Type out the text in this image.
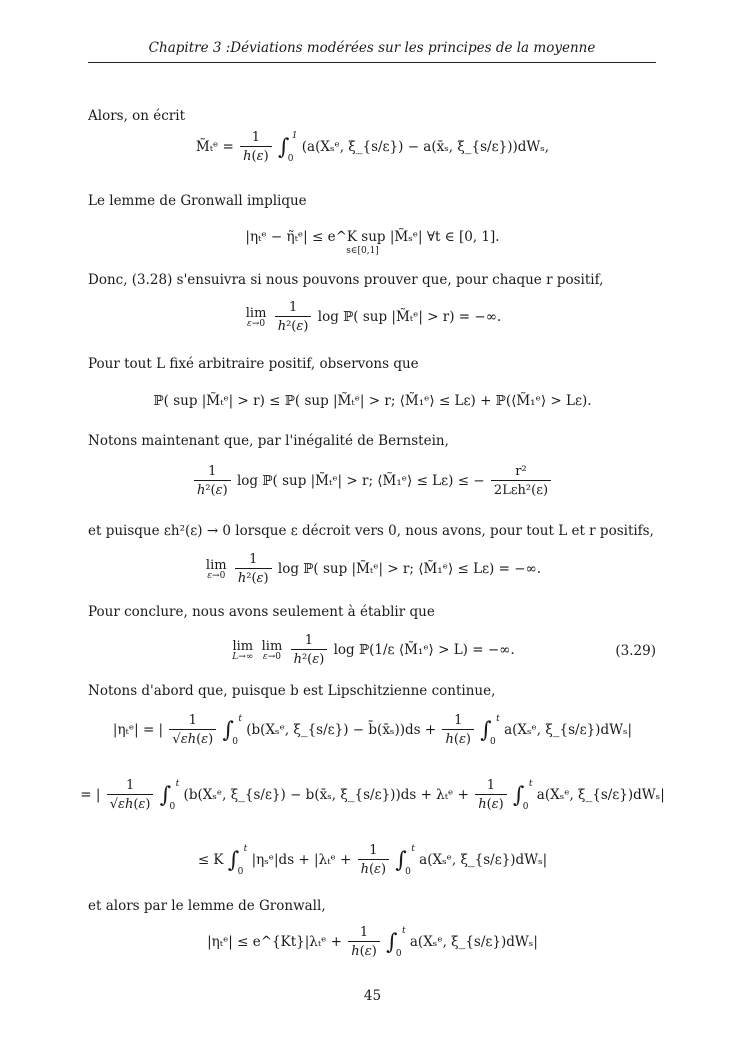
Chapitre 3 :Déviations modérées sur les principes de la moyenne
Alors, on écrit
M̃ₜᵉ = $\frac{1}{h(\varepsilon)}$ ∫ 1
0
(a(Xₛᵉ, ξ_{s/ε}) − a(x̄ₛ, ξ_{s/ε}))dWₛ,
Le lemme de Gronwall implique
|ηₜᵉ − η̃ₜᵉ| ≤ e^K sup |M̃ₛᵉ| ∀t ∈ [0, 1].
s∈[0,1]
Donc, (3.28) s'ensuivra si nous pouvons prouver que, pour chaque r positif,
lim
ε→0
$\frac{1}{\text{h²(ε)}}$ log ℙ( sup |M̃ₜᵉ| > r) = −∞.
Pour tout L fixé arbitraire positif, observons que
ℙ( sup |M̃ₜᵉ| > r) ≤ ℙ( sup |M̃ₜᵉ| > r; ⟨M̃₁ᵉ⟩ ≤ Lε) + ℙ(⟨M̃₁ᵉ⟩ > Lε).
Notons maintenant que, par l'inégalité de Bernstein,
$\frac{1}{\text{h²(ε)}}$ log ℙ( sup |M̃ₜᵉ| > r; ⟨M̃₁ᵉ⟩ ≤ Lε) ≤ − $\frac{\text{r²}}{\text{2Lεh²(ε)}}$
et puisque εh²(ε) → 0 lorsque ε décroit vers 0, nous avons, pour tout L et r positifs,
lim
ε→0
$\frac{1}{\text{h²(ε)}}$ log ℙ( sup |M̃ₜᵉ| > r; ⟨M̃₁ᵉ⟩ ≤ Lε) = −∞.
Pour conclure, nous avons seulement à établir que
lim
L→∞

lim
ε→0
$\frac{1}{\text{h²(ε)}}$ log ℙ(1/ε ⟨M̃₁ᵉ⟩ > L) = −∞.	(3.29)
Notons d'abord que, puisque b est Lipschitzienne continue,
|ηₜᵉ| = | $\frac{1}{√\varepsilon h(\varepsilon)}$ ∫ t
0
(b(Xₛᵉ, ξ_{s/ε}) − b̄(x̄ₛ))ds + $\frac{1}{h(\varepsilon)}$ ∫ t
0
a(Xₛᵉ, ξ_{s/ε})dWₛ|
= | $\frac{1}{√\varepsilon h(\varepsilon)}$ ∫ t
0
(b(Xₛᵉ, ξ_{s/ε}) − b(x̄ₛ, ξ_{s/ε}))ds + λₜᵉ + $\frac{1}{h(\varepsilon)}$ ∫ t
0
a(Xₛᵉ, ξ_{s/ε})dWₛ|
≤ K ∫ t
0
|ηₛᵉ|ds + |λₜᵉ + $\frac{1}{h(\varepsilon)}$ ∫ t
0
a(Xₛᵉ, ξ_{s/ε})dWₛ|
et alors par le lemme de Gronwall,
|ηₜᵉ| ≤ e^{Kt}|λₜᵉ + $\frac{1}{h(\varepsilon)}$ ∫ t
0
a(Xₛᵉ, ξ_{s/ε})dWₛ|
45
